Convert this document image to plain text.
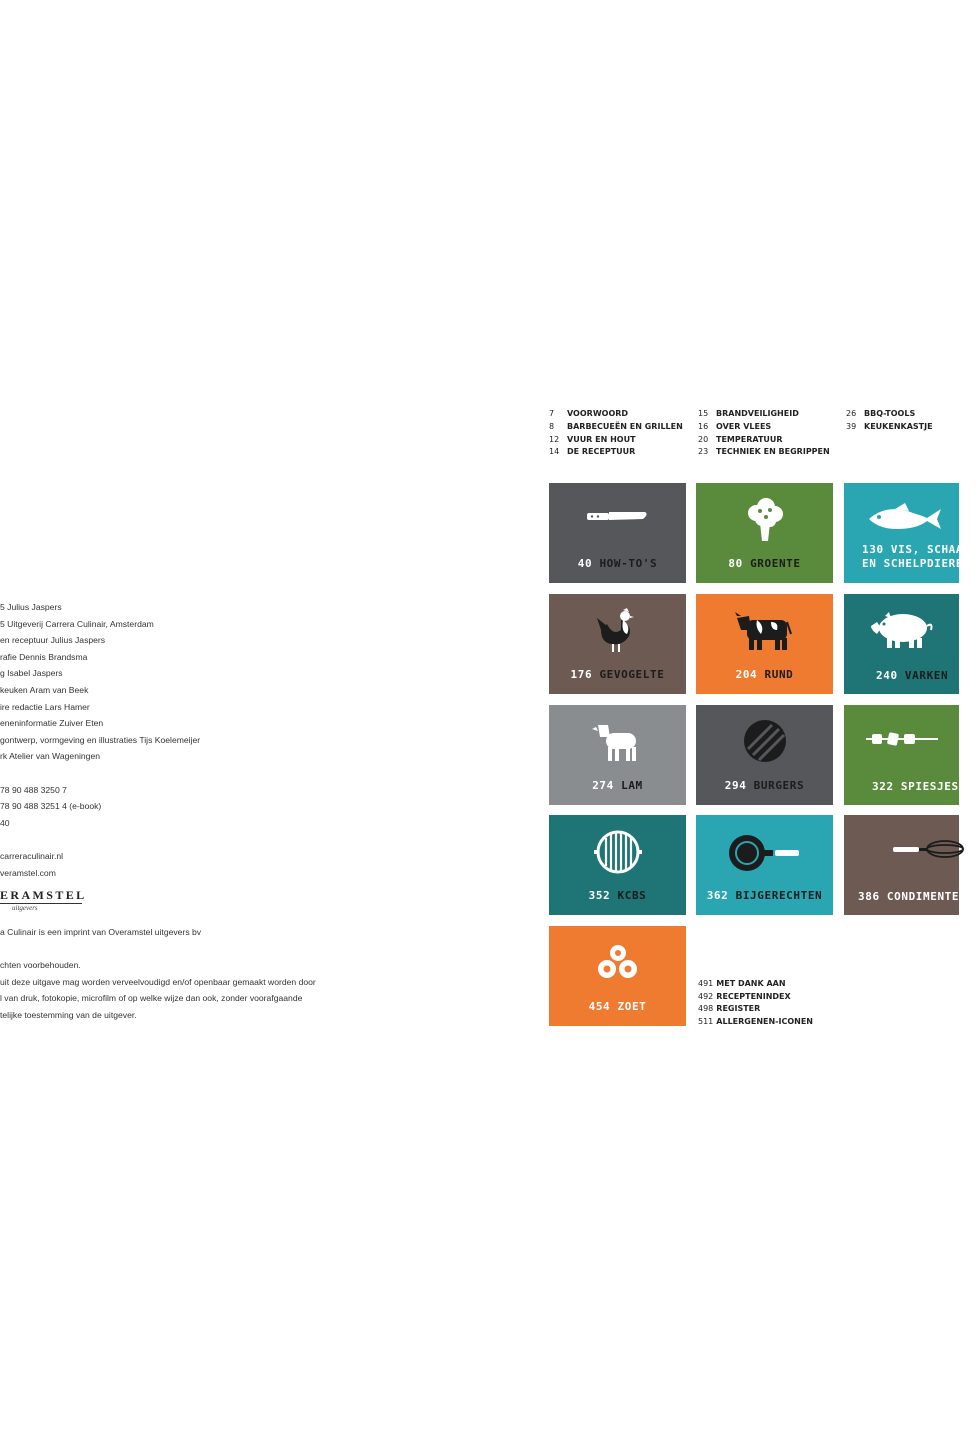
5 Julius Jaspers
5 Uitgeverij Carrera Culinair, Amsterdam
en receptuur Julius Jaspers
rafie Dennis Brandsma
g Isabel Jaspers
keuken Aram van Beek
ire redactie Lars Hamer
eneninformatie Zuiver Eten
gontwerp, vormgeving en illustraties Tijs Koelemeijer
rk Atelier van Wageningen
78 90 488 3250 7
78 90 488 3251 4 (e-book)
40
carreraculinair.nl
veramstel.com
ERAMSTEL
uitgevers
a Culinair is een imprint van Overamstel uitgevers bv
chten voorbehouden.
uit deze uitgave mag worden verveelvoudigd en/of openbaar gemaakt worden door
l van druk, fotokopie, microfilm of op welke wijze dan ook, zonder voorafgaande
telijke toestemming van de uitgever.
7 VOORWOORD
8 BARBECUEËN EN GRILLEN
12 VUUR EN HOUT
14 DE RECEPTUUR
15 BRANDVEILIGHEID
16 OVER VLEES
20 TEMPERATUUR
23 TECHNIEK EN BEGRIPPEN
26 BBQ-TOOLS
39 KEUKENKASTJE
40 HOW-TO'S	80 GROENTE
130 VIS, SCHAAL-
EN SCHELPDIEREN
176 GEVOGELTE	204 RUND	240 VARKEN
274 LAM	294 BURGERS	322 SPIESJES
352 KCBS	362 BIJGERECHTEN	386 CONDIMENTEN
454 ZOET
491 MET DANK AAN
492 RECEPTENINDEX
498 REGISTER
511 ALLERGENEN-ICONEN
